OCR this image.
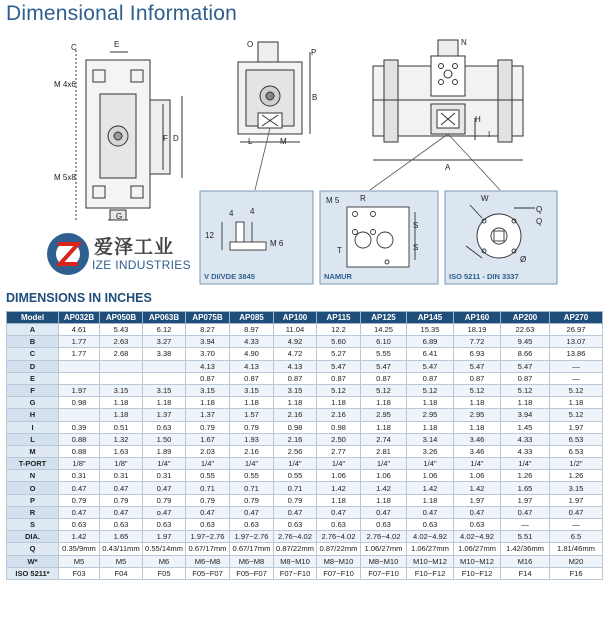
Dimensional Information
C	E
M 4x6
M 5x8
F D
G
O
P
B
L	M
N
A
H
I
4 4
12
M 6
V DI/VDE 3845
M 5	R
S
S
T
NAMUR
W
Q
Q
Ø
ISO 5211 - DIN 3337
爱泽工业
IZE INDUSTRIES
DIMENSIONS IN INCHES
Model	AP032B	AP050B	AP063B	AP075B	AP085	AP100	AP115	AP125	AP145	AP160	AP200	AP270
A	4.61	5.43	6.12	8.27	8.97	11.04	12.2	14.25	15.35	18.19	22.63	26.97
B	1.77	2.63	3.27	3.94	4.33	4.92	5.60	6.10	6.89	7.72	9.45	13.07
C	1.77	2.68	3.38	3.70	4.90	4.72	5.27	5.55	6.41	6.93	8.66	13.86
D				4.13	4.13	4.13	5.47	5.47	5.47	5.47	5.47	—
E				0.87	0.87	0.87	0.87	0.87	0.87	0.87	0.87	—
F	1.97	3.15	3.15	3.15	3.15	3.15	5.12	5.12	5.12	5.12	5.12	5.12
G	0.98	1.18	1.18	1.18	1.18	1.18	1.18	1.18	1.18	1.18	1.18	1.18
H		1.18	1.37	1.37	1.57	2.16	2.16	2.95	2.95	2.95	3.94	5.12
I	0.39	0.51	0.63	0.79	0.79	0.98	0.98	1.18	1.18	1.18	1.45	1.97
L	0.88	1.32	1.50	1.67	1.93	2.16	2.50	2.74	3.14	3.46	4.33	6.53
M	0.88	1.63	1.89	2.03	2.16	2.56	2.77	2.81	3.26	3.46	4.33	6.53
T-PORT	1/8"	1/8"	1/4"	1/4"	1/4"	1/4"	1/4"	1/4"	1/4"	1/4"	1/4"	1/2"
N	0.31	0.31	0.31	0.55	0.55	0.55	1.06	1.06	1.06	1.06	1.26	1.26
O	0.47	0.47	0.47	0.71	0.71	0.71	1.42	1.42	1.42	1.42	1.65	3.15
P	0.79	0.79	0.79	0.79	0.79	0.79	1.18	1.18	1.18	1.97	1.97	1.97
R	0.47	0.47	o.47	0.47	0.47	0.47	0.47	0.47	0.47	0.47	0.47	0.47
S	0.63	0.63	0.63	0.63	0.63	0.63	0.63	0.63	0.63	0.63	—	—
DIA.	1.42	1.65	1.97	1.97~2.76	1.97~2.76	2.76~4.02	2.76~4.02	2.76~4.02	4.02~4.92	4.02~4.92	5.51	6.5
Q	0.35/9mm	0.43/11mm	0.55/14mm	0.67/17mm	0.67/17mm	0.87/22mm	0.87/22mm	1.06/27mm	1.06/27mm	1.06/27mm	1.42/36mm	1.81/46mm
W*	M5	M5	M6	M6~M8	M6~M8	M8~M10	M8~M10	M8~M10	M10~M12	M10~M12	M16	M20
ISO 5211*	F03	F04	F05	F05~F07	F05~F07	F07~F10	F07~F10	F07~F10	F10~F12	F10~F12	F14	F16
